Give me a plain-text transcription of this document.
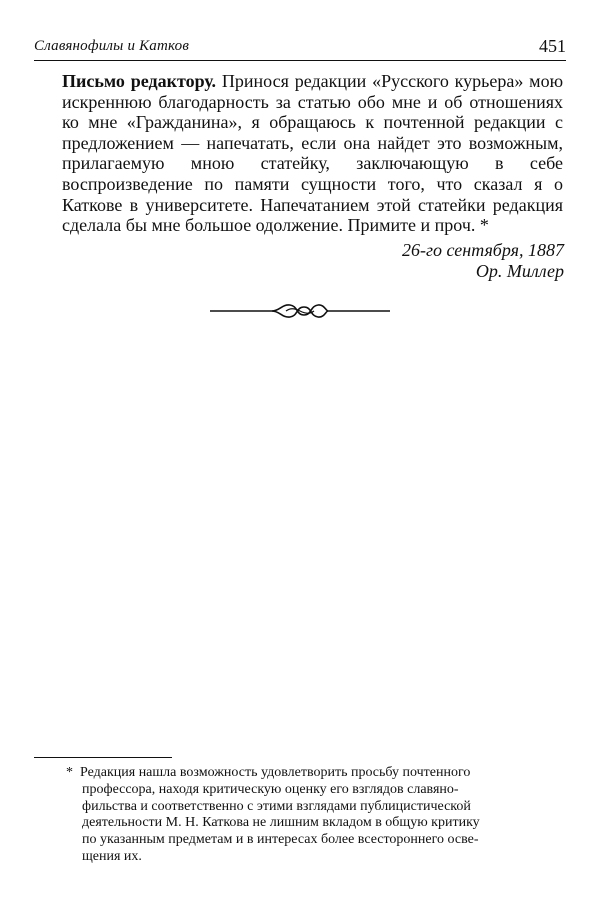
Славянофилы и Катков	451
Письмо редактору. Принося редакции «Русского курьера» мою искреннюю благодарность за статью обо мне и об отношениях ко мне «Гражданина», я обращаюсь к почтенной редакции с предложением — напечатать, если она найдет это возможным, прилагаемую мною статейку, заключающую в себе воспроизведение по памяти сущности того, что сказал я о Каткове в университете. Напечатанием этой статейки редакция сделала бы мне большое одолжение. Примите и проч. *
26-го сентября, 1887
Ор. Миллер
* Редакция нашла возможность удовлетворить просьбу почтенного
профессора, находя критическую оценку его взглядов славяно-
фильства и соответственно с этими взглядами публицистической
деятельности М. Н. Каткова не лишним вкладом в общую критику
по указанным предметам и в интересах более всестороннего осве-
щения их.
